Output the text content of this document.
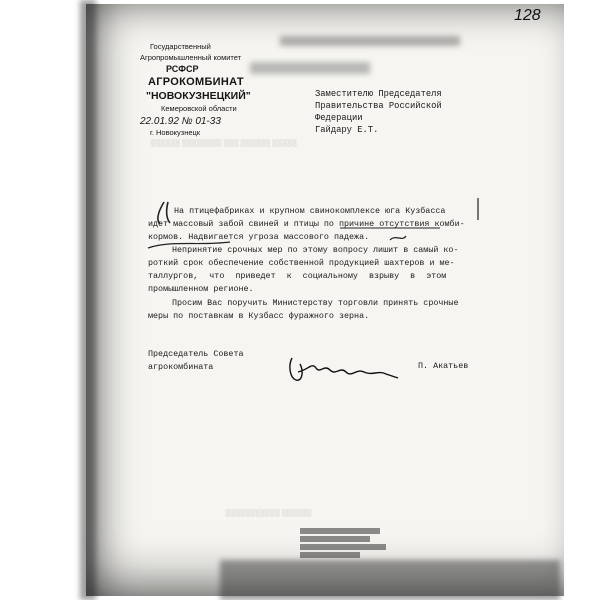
128
Государственный
Агропромышленный комитет
РСФСР
АГРОКОМБИНАТ
"НОВОКУЗНЕЦКИЙ"
Кемеровской области
22.01.92 № 01-33
г. Новокузнецк
░░░░░░ ░░░░░░░░ ░░░ ░░░░░░ ░░░░░
Заместителю Председателя
Правительства Российской
Федерации
Гайдару Е.Т.
На птицефабриках и крупном свинокомплексе юга Кузбасса
идет массовый забой свиней и птицы по причине отсутствия комби-
кормов. Надвигается угроза массового падежа.
Непринятие срочных мер по этому вопросу лишит в самый ко-
роткий срок обеспечение собственной продукцией шахтеров и ме-
таллургов, что приведет к социальному взрыву в этом
промышленном регионе.
Просим Вас поручить Министерству торговли принять срочные
меры по поставкам в Кузбасс фуражного зерна.
Председатель Совета
агрокомбината	П. Акатьев
░░░░░░░░░░░ ░░░░░░
